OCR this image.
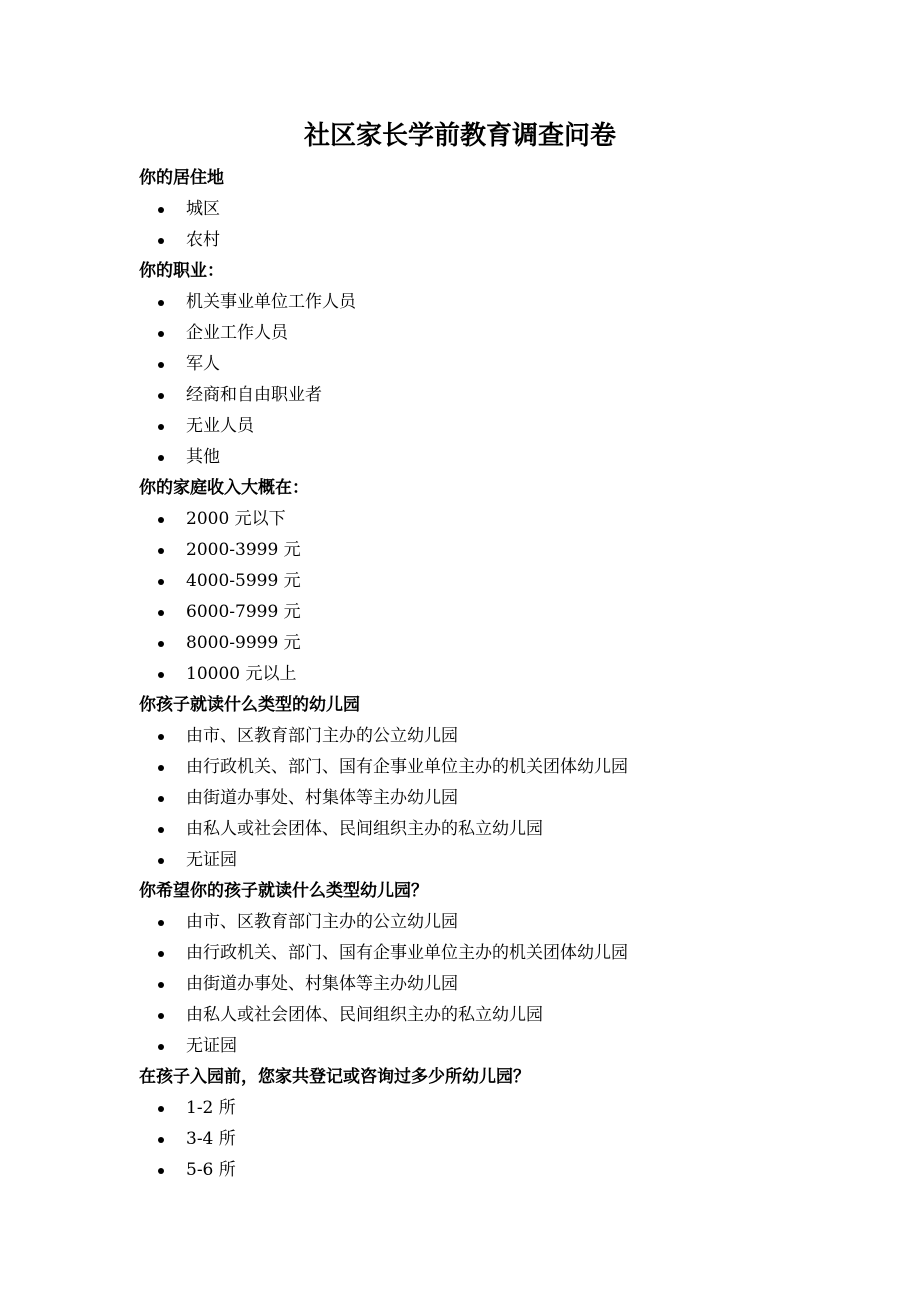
社区家长学前教育调查问卷
你的居住地
城区
农村
你的职业：
机关事业单位工作人员
企业工作人员
军人
经商和自由职业者
无业人员
其他
你的家庭收入大概在：
2000 元以下
2000-3999 元
4000-5999 元
6000-7999 元
8000-9999 元
10000 元以上
你孩子就读什么类型的幼儿园
由市、区教育部门主办的公立幼儿园
由行政机关、部门、国有企事业单位主办的机关团体幼儿园
由街道办事处、村集体等主办幼儿园
由私人或社会团体、民间组织主办的私立幼儿园
无证园
你希望你的孩子就读什么类型幼儿园？
由市、区教育部门主办的公立幼儿园
由行政机关、部门、国有企事业单位主办的机关团体幼儿园
由街道办事处、村集体等主办幼儿园
由私人或社会团体、民间组织主办的私立幼儿园
无证园
在孩子入园前，您家共登记或咨询过多少所幼儿园？
1-2 所
3-4 所
5-6 所
